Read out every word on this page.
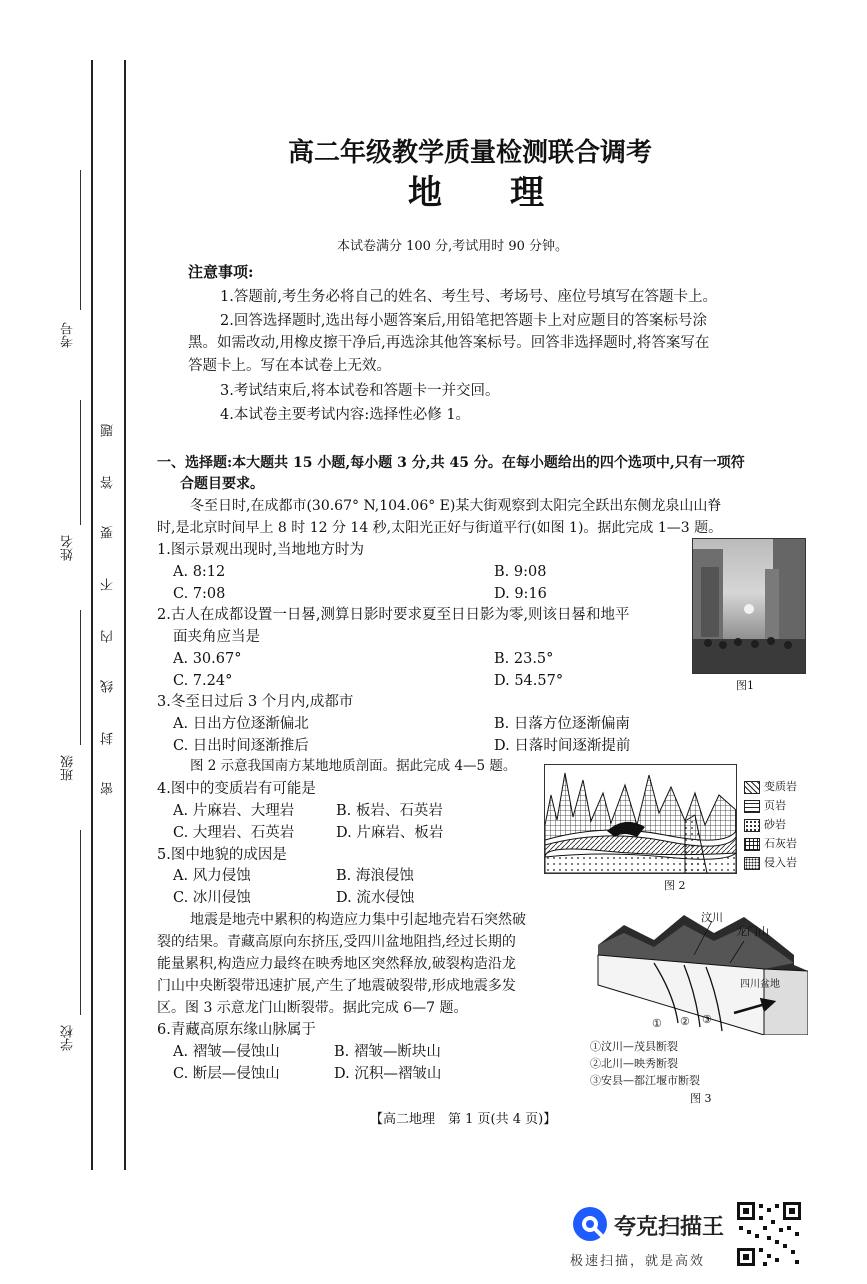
考号
姓名
班级
学校
题
答
要
不
内
线
封
密
高二年级教学质量检测联合调考
地　　理
本试卷满分 100 分,考试用时 90 分钟。
注意事项:
1.答题前,考生务必将自己的姓名、考生号、考场号、座位号填写在答题卡上。
2.回答选择题时,选出每小题答案后,用铅笔把答题卡上对应题目的答案标号涂
黑。如需改动,用橡皮擦干净后,再选涂其他答案标号。回答非选择题时,将答案写在
答题卡上。写在本试卷上无效。
3.考试结束后,将本试卷和答题卡一并交回。
4.本试卷主要考试内容:选择性必修 1。
一、选择题:本大题共 15 小题,每小题 3 分,共 45 分。在每小题给出的四个选项中,只有一项符
合题目要求。
冬至日时,在成都市(30.67° N,104.06° E)某大街观察到太阳完全跃出东侧龙泉山山脊
时,是北京时间早上 8 时 12 分 14 秒,太阳光正好与街道平行(如图 1)。据此完成 1—3 题。
1.图示景观出现时,当地地方时为
A. 8:12	B. 9:08
C. 7:08	D. 9:16
2.古人在成都设置一日晷,测算日影时要求夏至日日影为零,则该日晷和地平
面夹角应当是
A. 30.67°	B. 23.5°
C. 7.24°	D. 54.57°	图1
3.冬至日过后 3 个月内,成都市
A. 日出方位逐渐偏北	B. 日落方位逐渐偏南
C. 日出时间逐渐推后	D. 日落时间逐渐提前
图 2 示意我国南方某地地质剖面。据此完成 4—5 题。
4.图中的变质岩有可能是
A. 片麻岩、大理岩	B. 板岩、石英岩
C. 大理岩、石英岩	D. 片麻岩、板岩
5.图中地貌的成因是
A. 风力侵蚀	B. 海浪侵蚀
C. 冰川侵蚀	D. 流水侵蚀
变质岩
页岩
砂岩
石灰岩
侵入岩
图 2
地震是地壳中累积的构造应力集中引起地壳岩石突然破
裂的结果。青藏高原向东挤压,受四川盆地阻挡,经过长期的
能量累积,构造应力最终在映秀地区突然释放,破裂构造沿龙
门山中央断裂带迅速扩展,产生了地震破裂带,形成地震多发
区。图 3 示意龙门山断裂带。据此完成 6—7 题。
6.青藏高原东缘山脉属于
A. 褶皱—侵蚀山	B. 褶皱—断块山
C. 断层—侵蚀山	D. 沉积—褶皱山
汶川
龙门山
四川盆地
① ② ③
①汶川—茂县断裂
②北川—映秀断裂
③安县—都江堰市断裂
图 3
【高二地理　第 1 页(共 4 页)】
夸克扫描王
极速扫描，就是高效
